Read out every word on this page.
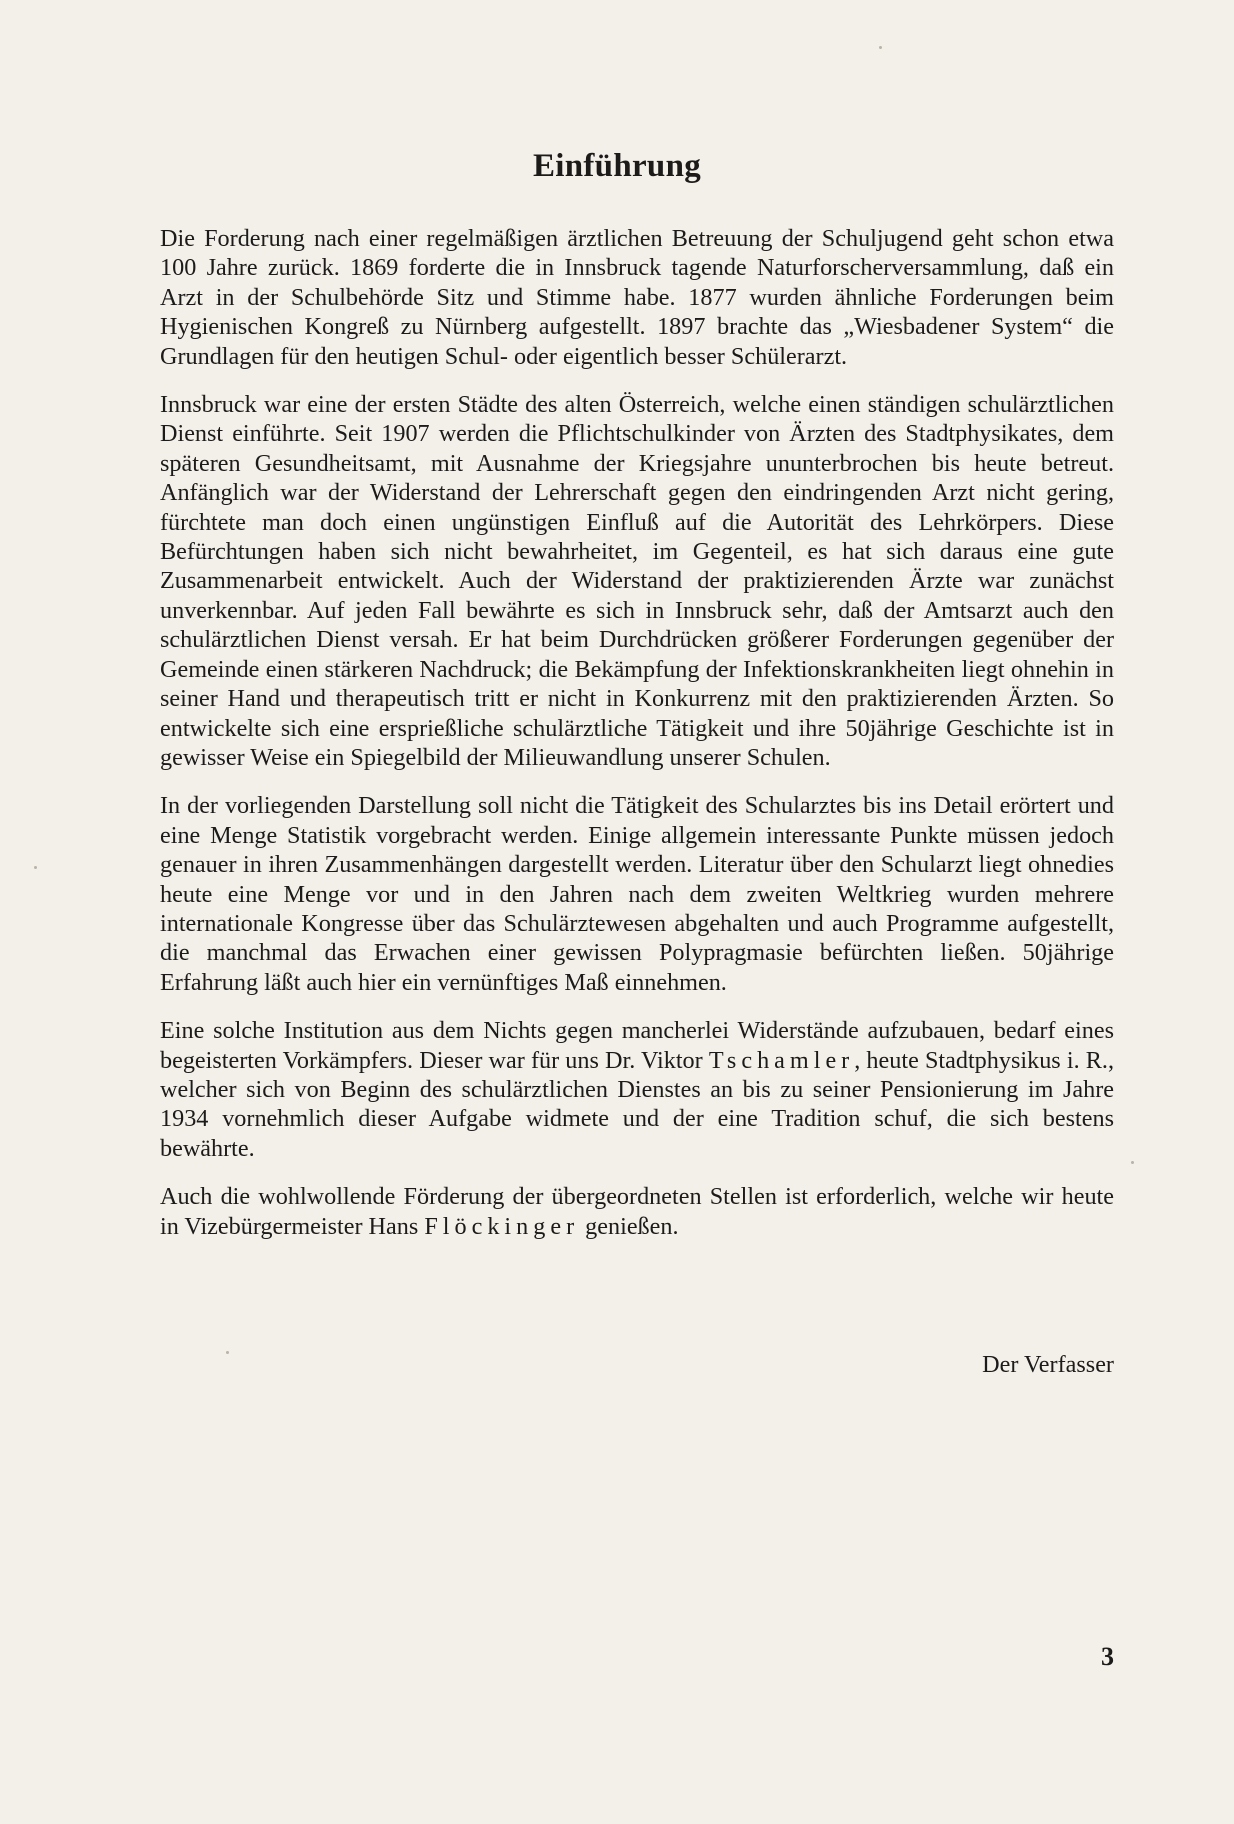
Einführung

Die Forderung nach einer regelmäßigen ärztlichen Betreuung der Schuljugend geht schon etwa 100 Jahre zurück. 1869 forderte die in Innsbruck tagende Naturforscherversammlung, daß ein Arzt in der Schulbehörde Sitz und Stimme habe. 1877 wurden ähnliche Forderungen beim Hygienischen Kongreß zu Nürnberg aufgestellt. 1897 brachte das „Wiesbadener System“ die Grundlagen für den heutigen Schul- oder eigentlich besser Schülerarzt.

Innsbruck war eine der ersten Städte des alten Österreich, welche einen ständigen schulärztlichen Dienst einführte. Seit 1907 werden die Pflichtschulkinder von Ärzten des Stadtphysikates, dem späteren Gesundheitsamt, mit Ausnahme der Kriegsjahre ununterbrochen bis heute betreut. Anfänglich war der Widerstand der Lehrerschaft gegen den eindringenden Arzt nicht gering, fürchtete man doch einen ungünstigen Einfluß auf die Autorität des Lehrkörpers. Diese Befürchtungen haben sich nicht bewahrheitet, im Gegenteil, es hat sich daraus eine gute Zusammenarbeit entwickelt. Auch der Widerstand der praktizierenden Ärzte war zunächst unverkennbar. Auf jeden Fall bewährte es sich in Innsbruck sehr, daß der Amtsarzt auch den schulärztlichen Dienst versah. Er hat beim Durchdrücken größerer Forderungen gegenüber der Gemeinde einen stärkeren Nachdruck; die Bekämpfung der Infektionskrankheiten liegt ohnehin in seiner Hand und therapeutisch tritt er nicht in Konkurrenz mit den praktizierenden Ärzten. So entwickelte sich eine ersprießliche schulärztliche Tätigkeit und ihre 50jährige Geschichte ist in gewisser Weise ein Spiegelbild der Milieuwandlung unserer Schulen.

In der vorliegenden Darstellung soll nicht die Tätigkeit des Schularztes bis ins Detail erörtert und eine Menge Statistik vorgebracht werden. Einige allgemein interessante Punkte müssen jedoch genauer in ihren Zusammenhängen dargestellt werden. Literatur über den Schularzt liegt ohnedies heute eine Menge vor und in den Jahren nach dem zweiten Weltkrieg wurden mehrere internationale Kongresse über das Schulärztewesen abgehalten und auch Programme aufgestellt, die manchmal das Erwachen einer gewissen Polypragmasie befürchten ließen. 50jährige Erfahrung läßt auch hier ein vernünftiges Maß einnehmen.

Eine solche Institution aus dem Nichts gegen mancherlei Widerstände aufzubauen, bedarf eines begeisterten Vorkämpfers. Dieser war für uns Dr. Viktor Tschamler, heute Stadtphysikus i. R., welcher sich von Beginn des schulärztlichen Dienstes an bis zu seiner Pensionierung im Jahre 1934 vornehmlich dieser Aufgabe widmete und der eine Tradition schuf, die sich bestens bewährte.

Auch die wohlwollende Förderung der übergeordneten Stellen ist erforderlich, welche wir heute in Vizebürgermeister Hans Flöckinger genießen.

Der Verfasser
3
